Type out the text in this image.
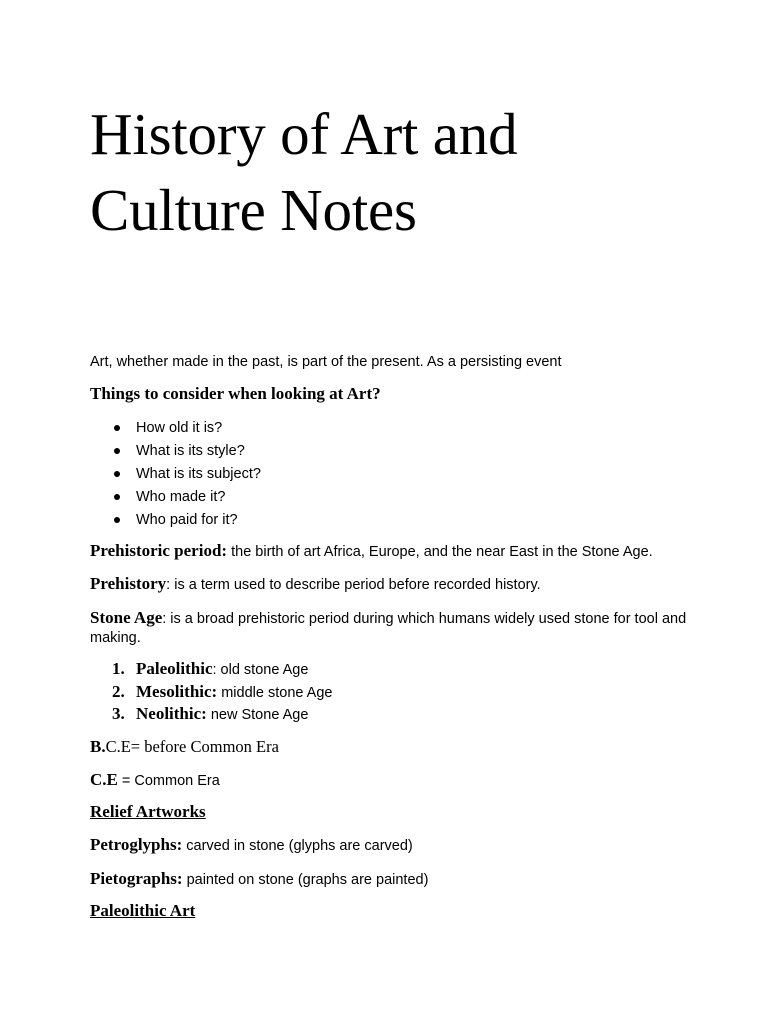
History of Art and
Culture Notes

Art, whether made in the past, is part of the present. As a persisting event

Things to consider when looking at Art?

How old it is?
What is its style?
What is its subject?
Who made it?
Who paid for it?

Prehistoric period: the birth of art Africa, Europe, and the near East in the Stone Age.

Prehistory: is a term used to describe period before recorded history.

Stone Age: is a broad prehistoric period during which humans widely used stone for tool and making.

1. Paleolithic: old stone Age
2. Mesolithic: middle stone Age
3. Neolithic: new Stone Age

B.C.E= before Common Era

C.E = Common Era

Relief Artworks

Petroglyphs: carved in stone (glyphs are carved)

Pietographs: painted on stone (graphs are painted)

Paleolithic Art
